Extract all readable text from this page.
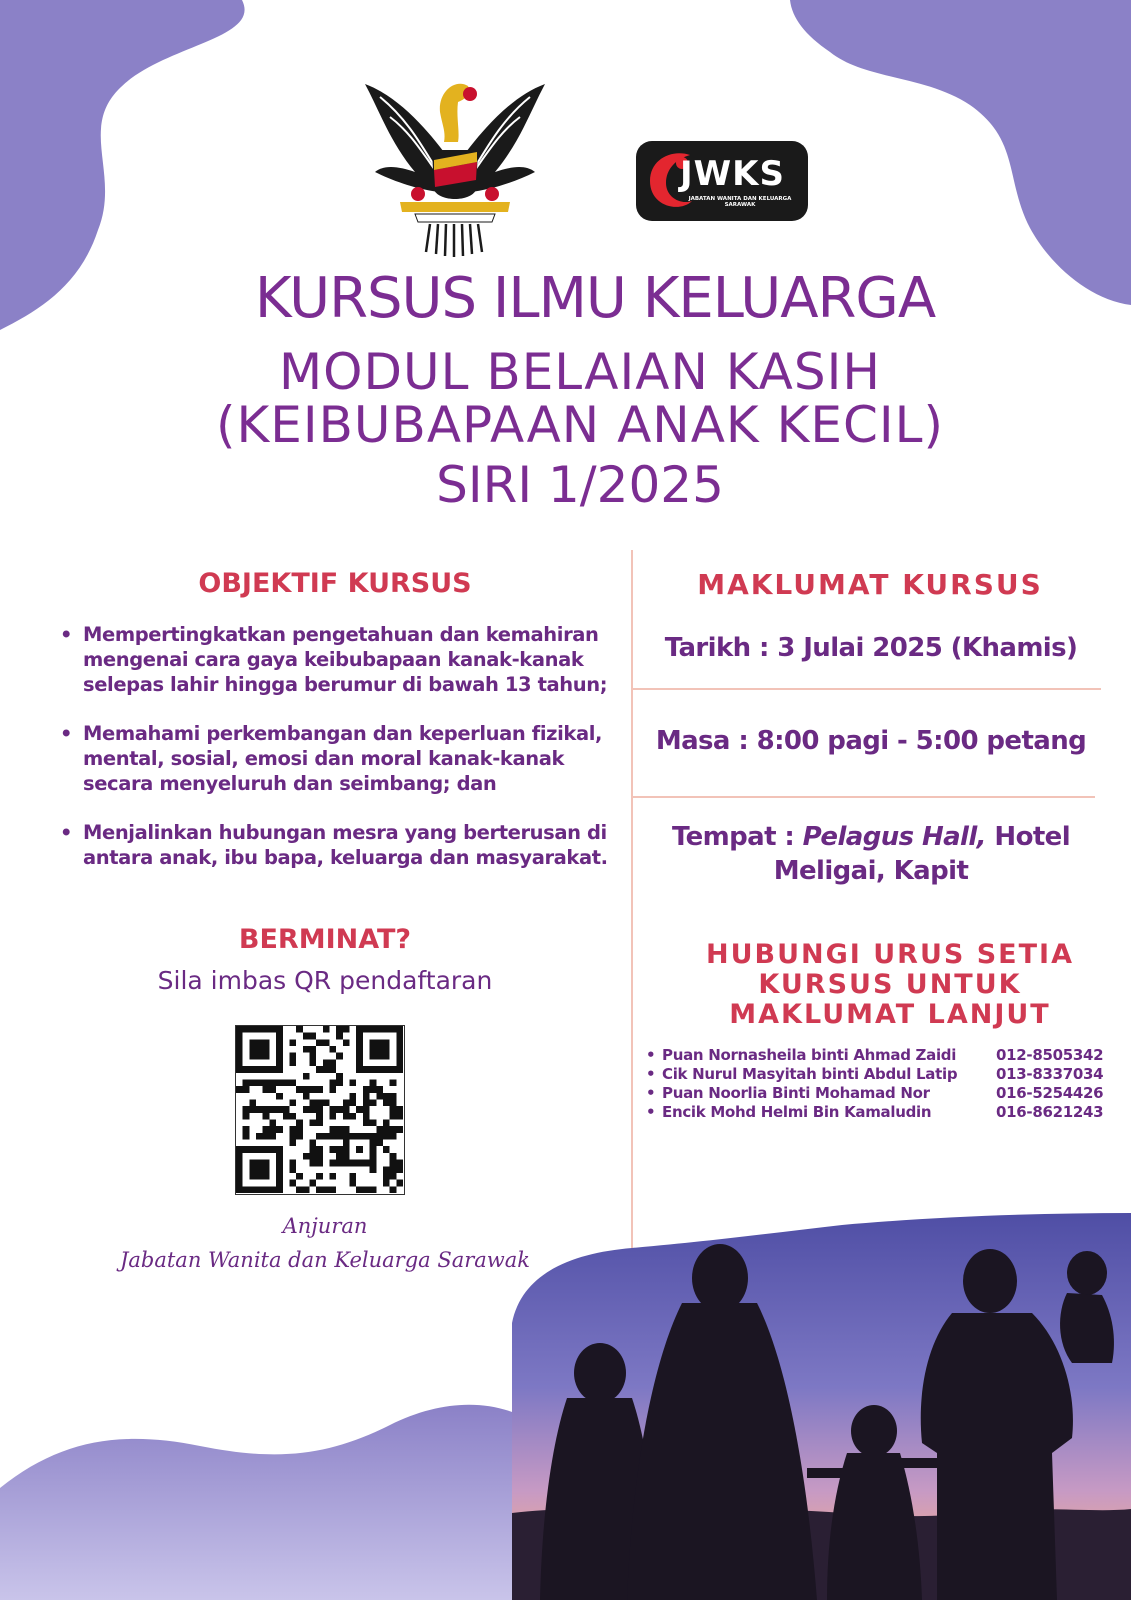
JWKS
JABATAN WANITA DAN KELUARGA
SARAWAK
KURSUS ILMU KELUARGA
MODUL BELAIAN KASIH
(KEIBUBAPAAN ANAK KECIL)
SIRI 1/2025
OBJEKTIF KURSUS
• Mempertingkatkan pengetahuan dan kemahiran mengenai cara gaya keibubapaan kanak-kanak selepas lahir hingga berumur di bawah 13 tahun;
• Memahami perkembangan dan keperluan fizikal, mental, sosial, emosi dan moral kanak-kanak secara menyeluruh dan seimbang; dan
• Menjalinkan hubungan mesra yang berterusan di antara anak, ibu bapa, keluarga dan masyarakat.
MAKLUMAT KURSUS
Tarikh : 3 Julai 2025 (Khamis)
Masa : 8:00 pagi - 5:00 petang
Tempat : Pelagus Hall, Hotel Meligai, Kapit
BERMINAT?
Sila imbas QR pendaftaran
Anjuran
Jabatan Wanita dan Keluarga Sarawak
HUBUNGI URUS SETIA
KURSUS UNTUK
MAKLUMAT LANJUT
• Puan Nornasheila binti Ahmad Zaidi	012-8505342
• Cik Nurul Masyitah binti Abdul Latip	013-8337034
• Puan Noorlia Binti Mohamad Nor	016-5254426
• Encik Mohd Helmi Bin Kamaludin	016-8621243
